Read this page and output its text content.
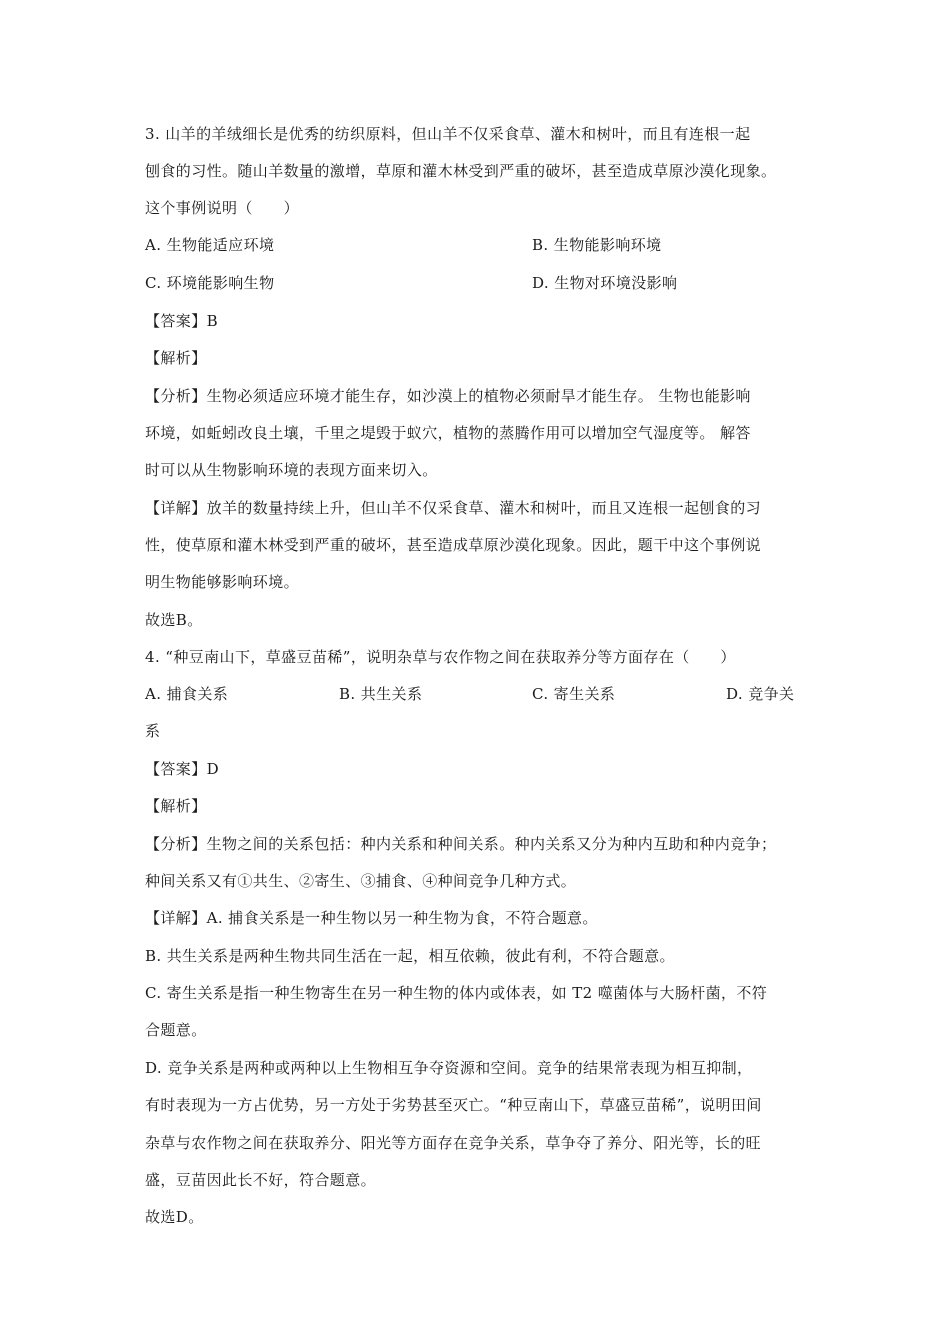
3. 山羊的羊绒细长是优秀的纺织原料，但山羊不仅采食草、灌木和树叶，而且有连根一起
刨食的习性。随山羊数量的激增，草原和灌木林受到严重的破坏，甚至造成草原沙漠化现象。
这个事例说明（　　）
A. 生物能适应环境	B. 生物能影响环境
C. 环境能影响生物	D. 生物对环境没影响
【答案】B
【解析】
【分析】生物必须适应环境才能生存，如沙漠上的植物必须耐旱才能生存。 生物也能影响
环境，如蚯蚓改良土壤，千里之堤毁于蚁穴，植物的蒸腾作用可以增加空气湿度等。 解答
时可以从生物影响环境的表现方面来切入。
【详解】放羊的数量持续上升，但山羊不仅采食草、灌木和树叶，而且又连根一起刨食的习
性，使草原和灌木林受到严重的破坏，甚至造成草原沙漠化现象。因此，题干中这个事例说
明生物能够影响环境。
故选B。
4. “种豆南山下，草盛豆苗稀”，说明杂草与农作物之间在获取养分等方面存在（　　）
A. 捕食关系	B. 共生关系	C. 寄生关系	D. 竞争关
系
【答案】D
【解析】
【分析】生物之间的关系包括：种内关系和种间关系。种内关系又分为种内互助和种内竞争；
种间关系又有①共生、②寄生、③捕食、④种间竞争几种方式。
【详解】A. 捕食关系是一种生物以另一种生物为食，不符合题意。
B. 共生关系是两种生物共同生活在一起，相互依赖，彼此有利，不符合题意。
C. 寄生关系是指一种生物寄生在另一种生物的体内或体表，如 T2 噬菌体与大肠杆菌，不符
合题意。
D. 竞争关系是两种或两种以上生物相互争夺资源和空间。竞争的结果常表现为相互抑制，
有时表现为一方占优势，另一方处于劣势甚至灭亡。“种豆南山下，草盛豆苗稀”，说明田间
杂草与农作物之间在获取养分、阳光等方面存在竞争关系，草争夺了养分、阳光等，长的旺
盛，豆苗因此长不好，符合题意。
故选D。
